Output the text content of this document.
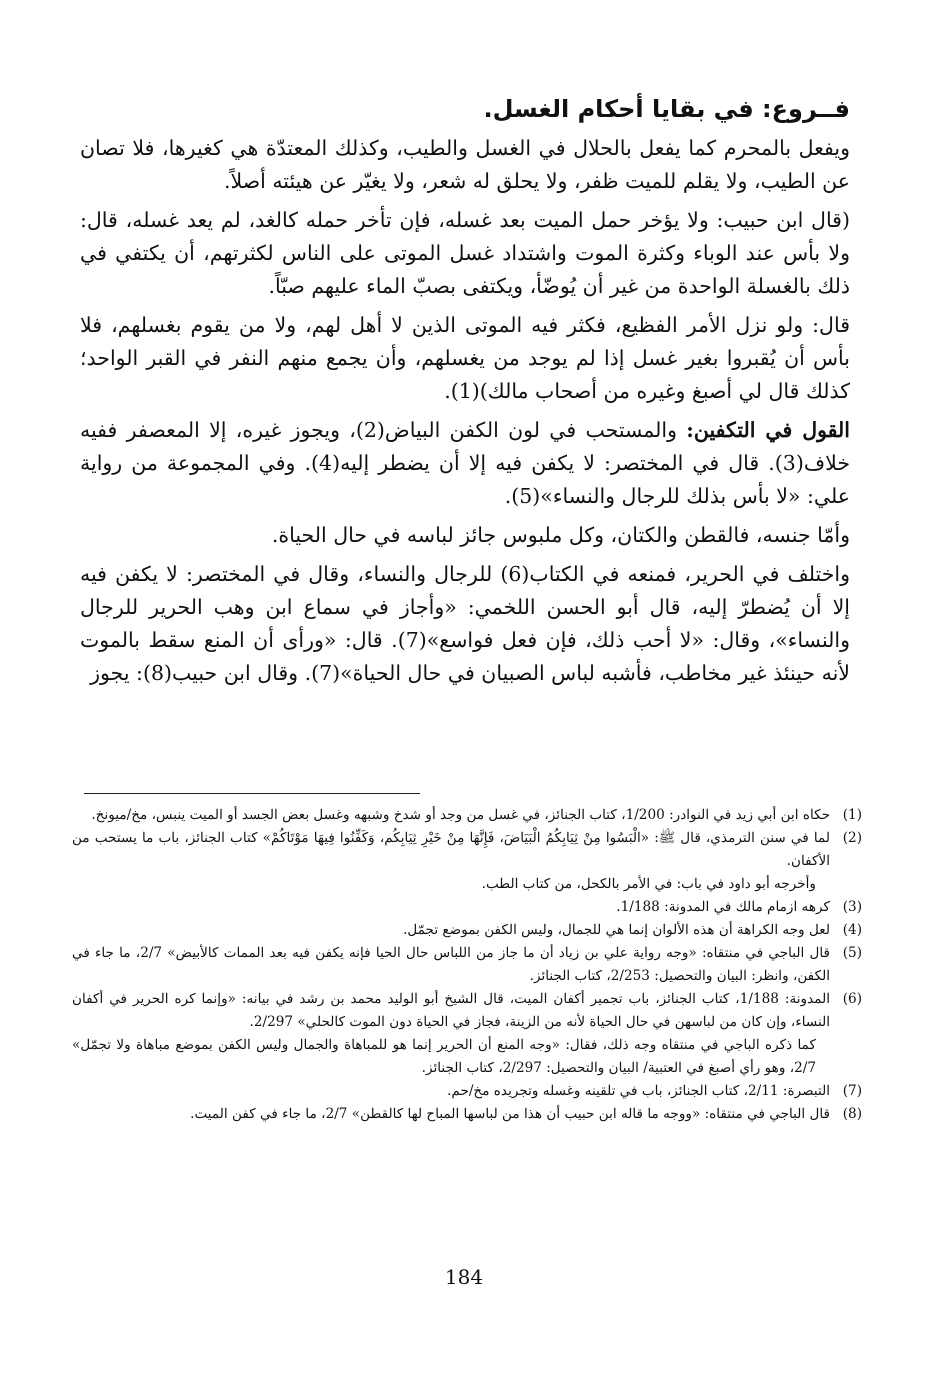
فــروع: في بقايا أحكام الغسل.

ويفعل بالمحرم كما يفعل بالحلال في الغسل والطيب، وكذلك المعتدّة هي كغيرها، فلا تصان عن الطيب، ولا يقلم للميت ظفر، ولا يحلق له شعر، ولا يغيّر عن هيئته أصلاً.

(قال ابن حبيب: ولا يؤخر حمل الميت بعد غسله، فإن تأخر حمله كالغد، لم يعد غسله، قال: ولا بأس عند الوباء وكثرة الموت واشتداد غسل الموتى على الناس لكثرتهم، أن يكتفي في ذلك بالغسلة الواحدة من غير أن يُوضّأ، ويكتفى بصبّ الماء عليهم صبّاً.

قال: ولو نزل الأمر الفظيع، فكثر فيه الموتى الذين لا أهل لهم، ولا من يقوم بغسلهم، فلا بأس أن يُقبروا بغير غسل إذا لم يوجد من يغسلهم، وأن يجمع منهم النفر في القبر الواحد؛ كذلك قال لي أصبغ وغيره من أصحاب مالك)(1).

القول في التكفين: والمستحب في لون الكفن البياض(2)، ويجوز غيره، إلا المعصفر ففيه خلاف(3). قال في المختصر: لا يكفن فيه إلا أن يضطر إليه(4). وفي المجموعة من رواية علي: «لا بأس بذلك للرجال والنساء»(5).

وأمّا جنسه، فالقطن والكتان، وكل ملبوس جائز لباسه في حال الحياة.

واختلف في الحرير، فمنعه في الكتاب(6) للرجال والنساء، وقال في المختصر: لا يكفن فيه إلا أن يُضطرّ إليه، قال أبو الحسن اللخمي: «وأجاز في سماع ابن وهب الحرير للرجال والنساء»، وقال: «لا أحب ذلك، فإن فعل فواسع»(7). قال: «ورأى أن المنع سقط بالموت لأنه حينئذ غير مخاطب، فأشبه لباس الصبيان في حال الحياة»(7). وقال ابن حبيب(8): يجوز

(1)
حكاه ابن أبي زيد في النوادر: 1/200، كتاب الجنائز، في غسل من وجد أو شدخ وشبهه وغسل بعض الجسد أو الميت ينبس، مخ/ميونخ.
(2)
لما في سنن الترمذي، قال ﷺ: «الْبَسُوا مِنْ ثِيَابِكُمُ الْبَيَاضَ، فَإِنَّهَا مِنْ خَيْرِ ثِيَابِكُم، وَكَفِّنُوا فِيهَا مَوْتَاكُمْ» كتاب الجنائز، باب ما يستحب من الأكفان.
وأخرجه أبو داود في باب: في الأمر بالكحل، من كتاب الطب.
(3)
كرهه ازمام مالك في المدونة: 1/188.
(4)
لعل وجه الكراهة أن هذه الألوان إنما هي للجمال، وليس الكفن بموضع تجمّل.
(5)
قال الباجي في منتقاه: «وجه رواية علي بن زياد أن ما جاز من اللباس حال الحيا فإنه يكفن فيه بعد الممات كالأبيض» 2/7، ما جاء في الكفن، وانظر: البيان والتحصيل: 2/253، كتاب الجنائز.
(6)
المدونة: 1/188، كتاب الجنائز، باب تجمير أكفان الميت، قال الشيخ أبو الوليد محمد بن رشد في بيانه: «وإنما كره الحرير في أكفان النساء، وإن كان من لباسهن في حال الحياة لأنه من الزينة، فجاز في الحياة دون الموت كالحلي» 2/297.
كما ذكره الباجي في منتقاه وجه ذلك، فقال: «وجه المنع أن الحرير إنما هو للمباهاة والجمال وليس الكفن بموضع مباهاة ولا تجمّل» 2/7، وهو رأي أصبغ في العتبية/ البيان والتحصيل: 2/297، كتاب الجنائز.
(7)
التبصرة: 2/11، كتاب الجنائز، باب في تلقينه وغسله وتجريده مخ/حم.
(8)
قال الباجي في منتقاه: «ووجه ما قاله ابن حبيب أن هذا من لباسها المباح لها كالقطن» 2/7، ما جاء في كفن الميت.
184
